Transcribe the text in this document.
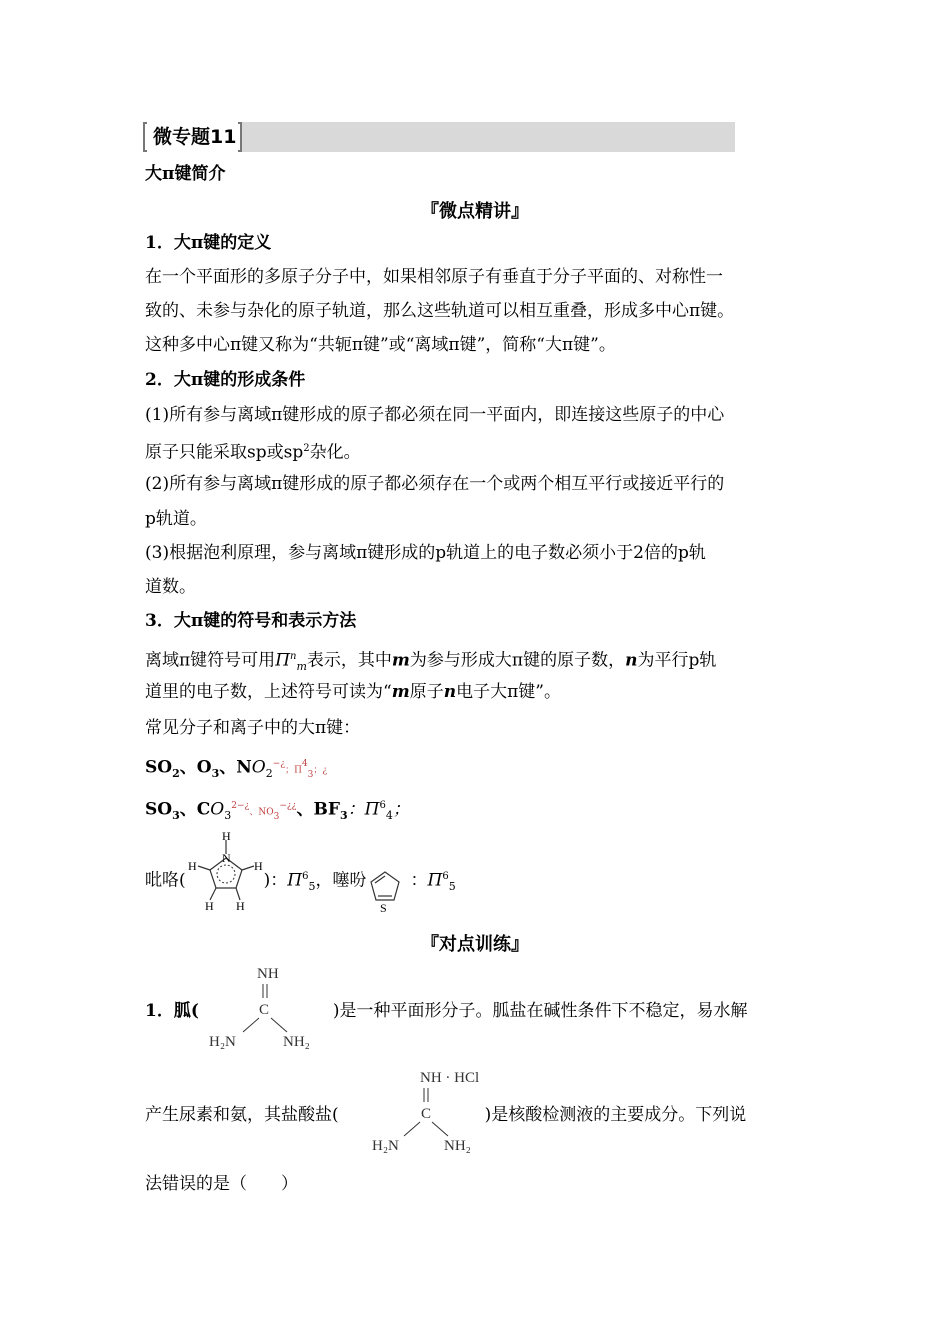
微专题11
大π键简介
『微点精讲』
1．大π键的定义
在一个平面形的多原子分子中，如果相邻原子有垂直于分子平面的、对称性一
致的、未参与杂化的原子轨道，那么这些轨道可以相互重叠，形成多中心π键。
这种多中心π键又称为“共轭π键”或“离域π键”，简称“大π键”。
2．大π键的形成条件
(1)所有参与离域π键形成的原子都必须在同一平面内，即连接这些原子的中心
原子只能采取sp或$sp^2$杂化。
(2)所有参与离域π键形成的原子都必须存在一个或两个相互平行或接近平行的
p轨道。
(3)根据泡利原理，参与离域π键形成的p轨道上的电子数必须小于2倍的p轨
道数。
3．大π键的符号和表示方法
离域π键符号可用$\Pi^n_m$表示，其中m为参与形成大π键的原子数，n为平行p轨
道里的电子数，上述符号可读为“m原子n电子大π键”。
常见分子和离子中的大π键：
$SO_2$、$O_3$、$NO_2^{-¿}$；$\Pi^4_3$；¿
$SO_3$、$CO_3^{2-¿}$、$NO_3^{-¿¿}$、$BF_3$：$\Pi^6_4$；
吡咯(	)：$\Pi^6_5$，噻吩	：$\Pi^6_5$
H
N
H	H
H H	S
『对点训练』
1．胍(	)是一种平面形分子。胍盐在碱性条件下不稳定，易水解
NH
C
H₂N	NH₂
产生尿素和氨，其盐酸盐(	)是核酸检测液的主要成分。下列说
NH · HCl
C
H₂N	NH₂
法错误的是（　　）
